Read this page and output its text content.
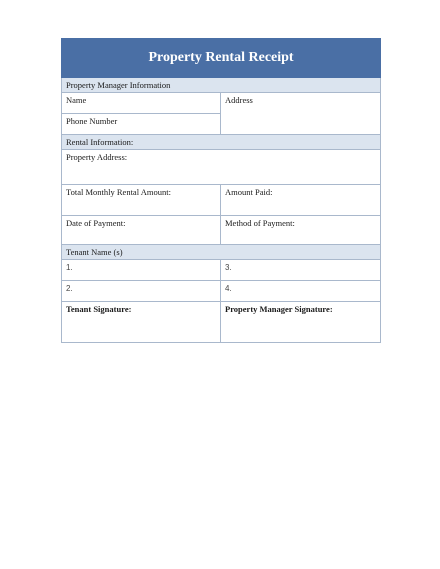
Property Rental Receipt	
Property Manager Information	
Name	Address
Phone Number	
Rental Information:	
Property Address:	
Total Monthly Rental Amount:	Amount Paid:
Date of Payment:	Method of Payment:
Tenant Name (s)	
1.	3.
2.	4.
Tenant Signature:	Property Manager Signature:
